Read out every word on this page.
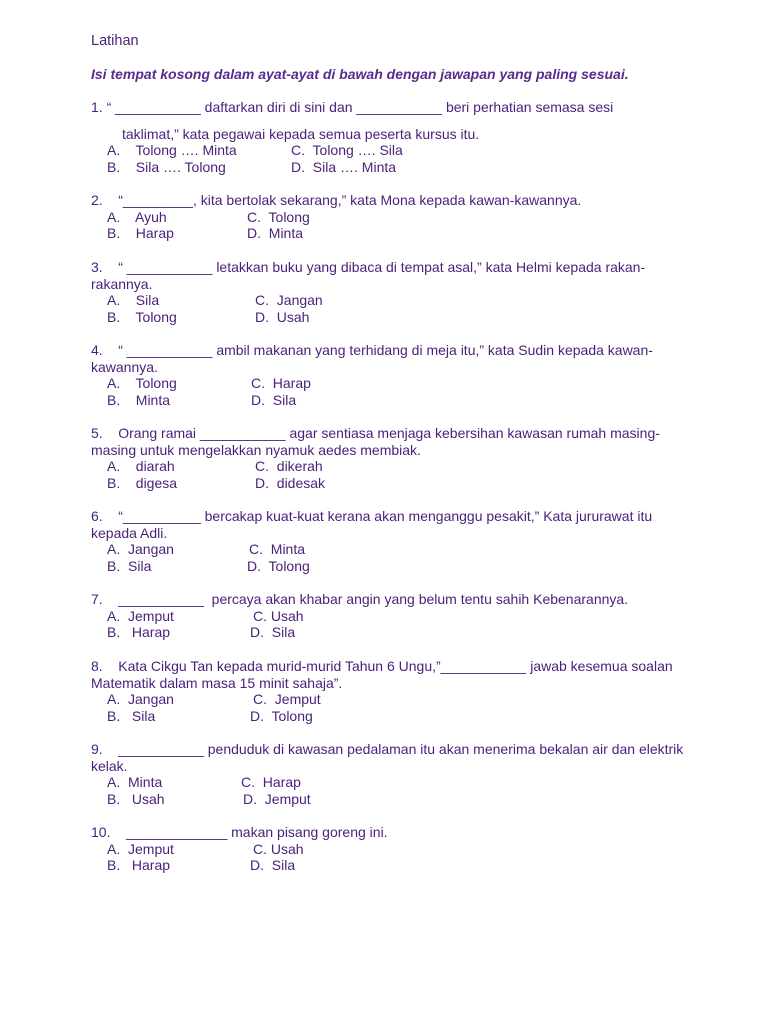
Latihan
Isi tempat kosong dalam ayat-ayat di bawah dengan jawapan yang paling sesuai.
1. “ ___________ daftarkan diri di sini dan ___________ beri perhatian semasa sesi
taklimat,” kata pegawai kepada semua peserta kursus itu.
A.    Tolong …. Minta
B.    Sila …. Tolong
C.  Tolong …. Sila
D.  Sila …. Minta
2.    “_________, kita bertolak sekarang,” kata Mona kepada kawan-kawannya.
A.    Ayuh
B.    Harap
C.  Tolong
D.  Minta
3.    “ ___________ letakkan buku yang dibaca di tempat asal,” kata Helmi kepada rakan-rakannya.
A.    Sila
B.    Tolong
C.  Jangan
D.  Usah
4.    “ ___________ ambil makanan yang terhidang di meja itu,” kata Sudin kepada kawan-kawannya.
A.    Tolong
B.    Minta
C.  Harap
D.  Sila
5.    Orang ramai ___________ agar sentiasa menjaga kebersihan kawasan rumah masing-masing untuk mengelakkan nyamuk aedes membiak.
A.    diarah
B.    digesa
C.  dikerah
D.  didesak
6.    “__________ bercakap kuat-kuat kerana akan menganggu pesakit,” Kata jururawat itu kepada Adli.
A.  Jangan
B.  Sila
C.  Minta
D.  Tolong
7.    ___________  percaya akan khabar angin yang belum tentu sahih Kebenarannya.
A.  Jemput
B.   Harap
C. Usah
D.  Sila
8.    Kata Cikgu Tan kepada murid-murid Tahun 6 Ungu,”___________ jawab kesemua soalan Matematik dalam masa 15 minit sahaja”.
A.  Jangan
B.   Sila
C.  Jemput
D.  Tolong
9.    ___________ penduduk di kawasan pedalaman itu akan menerima bekalan air dan elektrik kelak.
A.  Minta
B.   Usah
C.  Harap
D.  Jemput
10.    _____________ makan pisang goreng ini.
A.  Jemput
B.   Harap
C. Usah
D.  Sila
